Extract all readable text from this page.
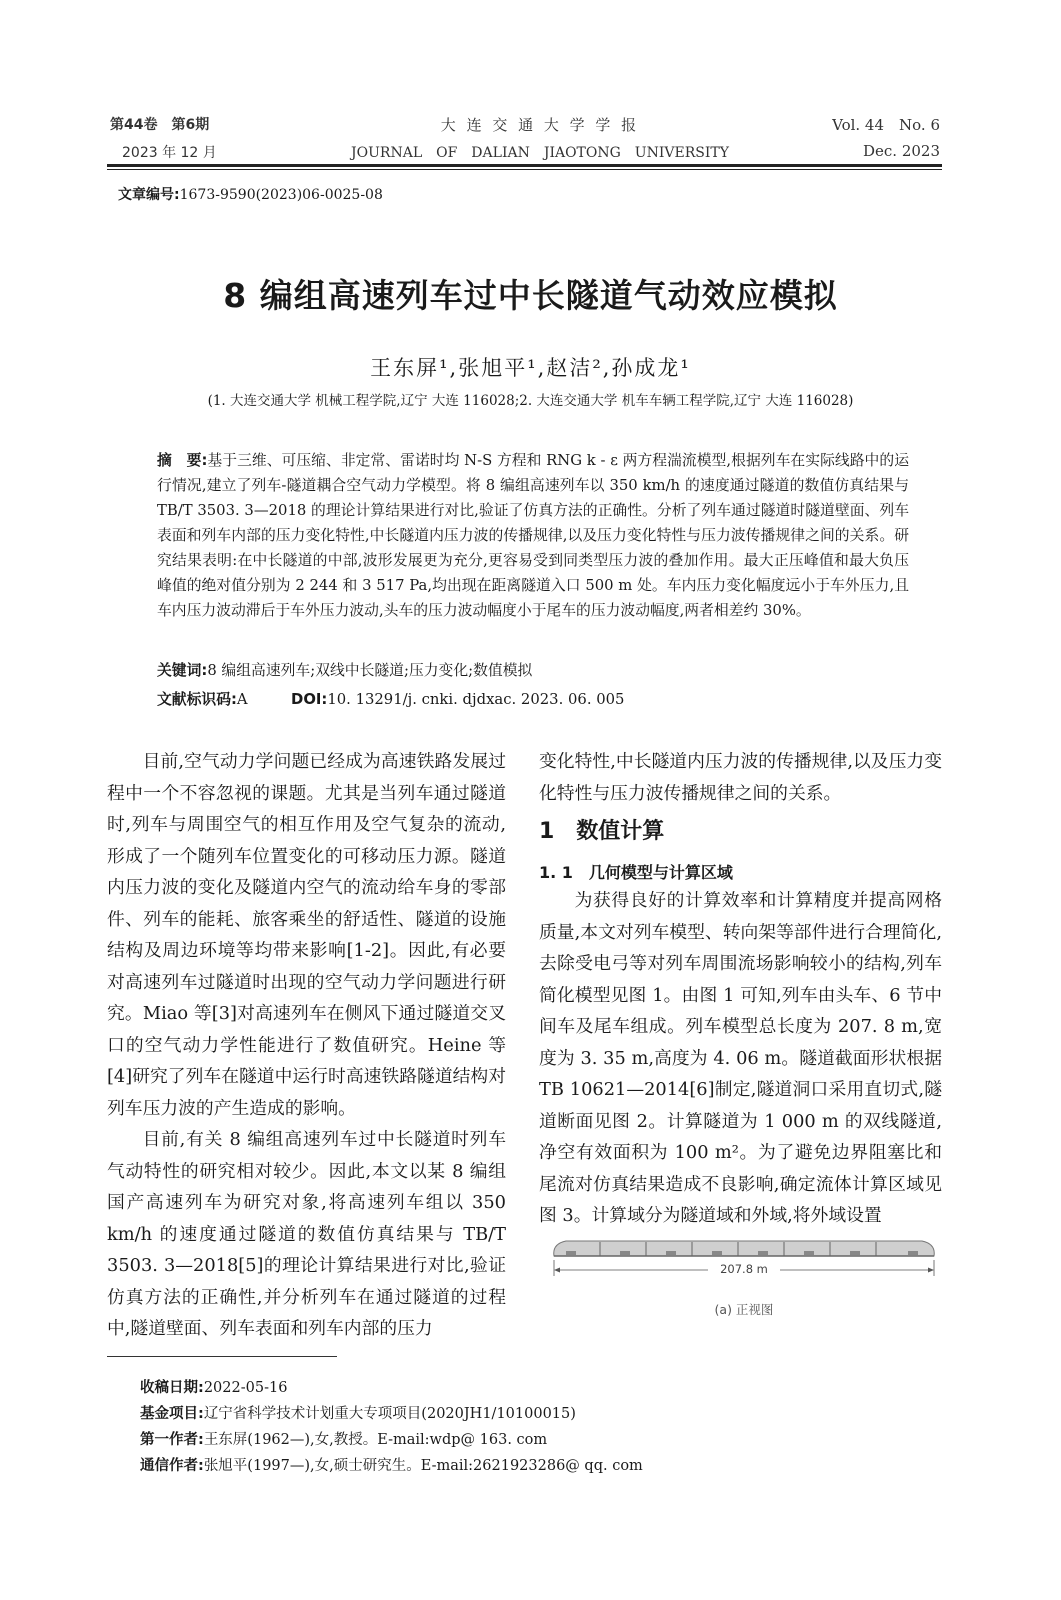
第44卷　第6期
2023 年 12 月
大 连 交 通 大 学 学 报
JOURNAL　OF　DALIAN　JIAOTONG　UNIVERSITY
Vol. 44　No. 6
Dec. 2023
文章编号:1673-9590(2023)06-0025-08
8 编组高速列车过中长隧道气动效应模拟
王东屏¹,张旭平¹,赵洁²,孙成龙¹
(1. 大连交通大学 机械工程学院,辽宁 大连 116028;2. 大连交通大学 机车车辆工程学院,辽宁 大连 116028)
摘　要:基于三维、可压缩、非定常、雷诺时均 N-S 方程和 RNG k - ε 两方程湍流模型,根据列车在实际线路中的运行情况,建立了列车-隧道耦合空气动力学模型。将 8 编组高速列车以 350 km/h 的速度通过隧道的数值仿真结果与 TB/T 3503. 3—2018 的理论计算结果进行对比,验证了仿真方法的正确性。分析了列车通过隧道时隧道壁面、列车表面和列车内部的压力变化特性,中长隧道内压力波的传播规律,以及压力变化特性与压力波传播规律之间的关系。研究结果表明:在中长隧道的中部,波形发展更为充分,更容易受到同类型压力波的叠加作用。最大正压峰值和最大负压峰值的绝对值分别为 2 244 和 3 517 Pa,均出现在距离隧道入口 500 m 处。车内压力变化幅度远小于车外压力,且车内压力波动滞后于车外压力波动,头车的压力波动幅度小于尾车的压力波动幅度,两者相差约 30%。
关键词:8 编组高速列车;双线中长隧道;压力变化;数值模拟
文献标识码:A	DOI:10. 13291/j. cnki. djdxac. 2023. 06. 005

目前,空气动力学问题已经成为高速铁路发展过程中一个不容忽视的课题。尤其是当列车通过隧道时,列车与周围空气的相互作用及空气复杂的流动,形成了一个随列车位置变化的可移动压力源。隧道内压力波的变化及隧道内空气的流动给车身的零部件、列车的能耗、旅客乘坐的舒适性、隧道的设施结构及周边环境等均带来影响[1-2]。因此,有必要对高速列车过隧道时出现的空气动力学问题进行研究。Miao 等[3]对高速列车在侧风下通过隧道交叉口的空气动力学性能进行了数值研究。Heine 等[4]研究了列车在隧道中运行时高速铁路隧道结构对列车压力波的产生造成的影响。

目前,有关 8 编组高速列车过中长隧道时列车气动特性的研究相对较少。因此,本文以某 8 编组国产高速列车为研究对象,将高速列车组以 350 km/h 的速度通过隧道的数值仿真结果与 TB/T 3503. 3—2018[5]的理论计算结果进行对比,验证仿真方法的正确性,并分析列车在通过隧道的过程中,隧道壁面、列车表面和列车内部的压力

变化特性,中长隧道内压力波的传播规律,以及压力变化特性与压力波传播规律之间的关系。

1　数值计算
1. 1　几何模型与计算区域

为获得良好的计算效率和计算精度并提高网格质量,本文对列车模型、转向架等部件进行合理简化,去除受电弓等对列车周围流场影响较小的结构,列车简化模型见图 1。由图 1 可知,列车由头车、6 节中间车及尾车组成。列车模型总长度为 207. 8 m,宽度为 3. 35 m,高度为 4. 06 m。隧道截面形状根据 TB 10621—2014[6]制定,隧道洞口采用直切式,隧道断面见图 2。计算隧道为 1 000 m 的双线隧道,净空有效面积为 100 m²。为了避免边界阻塞比和尾流对仿真结果造成不良影响,确定流体计算区域见图 3。计算域分为隧道域和外域,将外域设置

207.8 m
(a) 正视图
收稿日期:2022-05-16
基金项目:辽宁省科学技术计划重大专项项目(2020JH1/10100015)
第一作者:王东屏(1962—),女,教授。E-mail:wdp@ 163. com
通信作者:张旭平(1997—),女,硕士研究生。E-mail:2621923286@ qq. com
